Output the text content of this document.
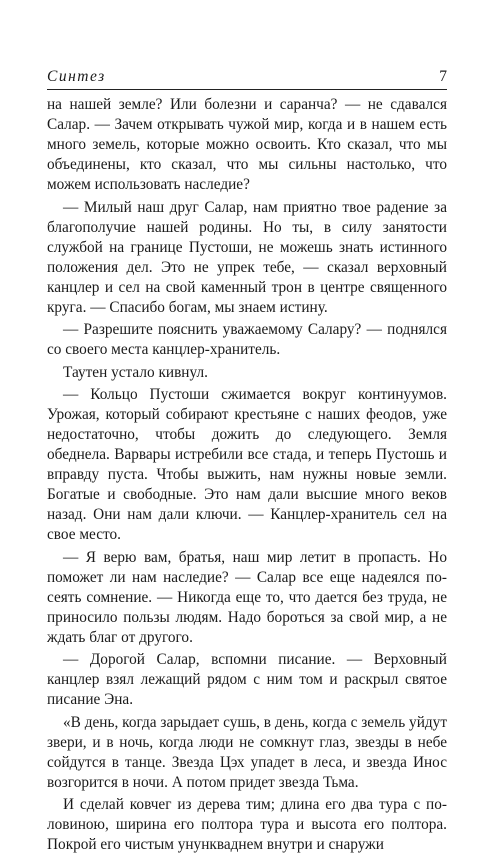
Синтез	7

на нашей земле? Или болезни и саранча? — не сдавался Салар. — Зачем открывать чужой мир, когда и в нашем есть много земель, которые можно освоить. Кто сказал, что мы объединены, кто сказал, что мы сильны настолько, что можем использовать наследие?

— Милый наш друг Салар, нам приятно твое радение за благополучие нашей родины. Но ты, в силу занятости службой на границе Пустоши, не можешь знать истинного положения дел. Это не упрек тебе, — сказал верховный канцлер и сел на свой каменный трон в центре священного круга. — Спасибо богам, мы знаем истину.

— Разрешите пояснить уважаемому Салару? — поднялся со своего места канцлер-хранитель.

Таутен устало кивнул.

— Кольцо Пустоши сжимается вокруг континуумов. Урожая, который собирают крестьяне с наших феодов, уже недостаточно, чтобы дожить до следующего. Земля обеднела. Варвары истребили все стада, и теперь Пустошь и вправду пуста. Чтобы выжить, нам нужны новые земли. Богатые и свободные. Это нам дали высшие много веков назад. Они нам дали ключи. — Канцлер-хранитель сел на свое место.

— Я верю вам, братья, наш мир летит в пропасть. Но поможет ли нам наследие? — Салар все еще надеялся посеять сомнение. — Никогда еще то, что дается без труда, не приносило пользы людям. Надо бороться за свой мир, а не ждать благ от другого.

— Дорогой Салар, вспомни писание. — Верховный канцлер взял лежащий рядом с ним том и раскрыл святое писание Эна.

«В день, когда зарыдает сушь, в день, когда с земель уйдут звери, и в ночь, когда люди не сомкнут глаз, звезды в небе сойдутся в танце. Звезда Цэх упадет в леса, и звезда Инос возгорится в ночи. А потом придет звезда Тьма.

И сделай ковчег из дерева тим; длина его два тура с половиною, ширина его полтора тура и высота его полтора. Покрой его чистым унункваднем внутри и снаружи
